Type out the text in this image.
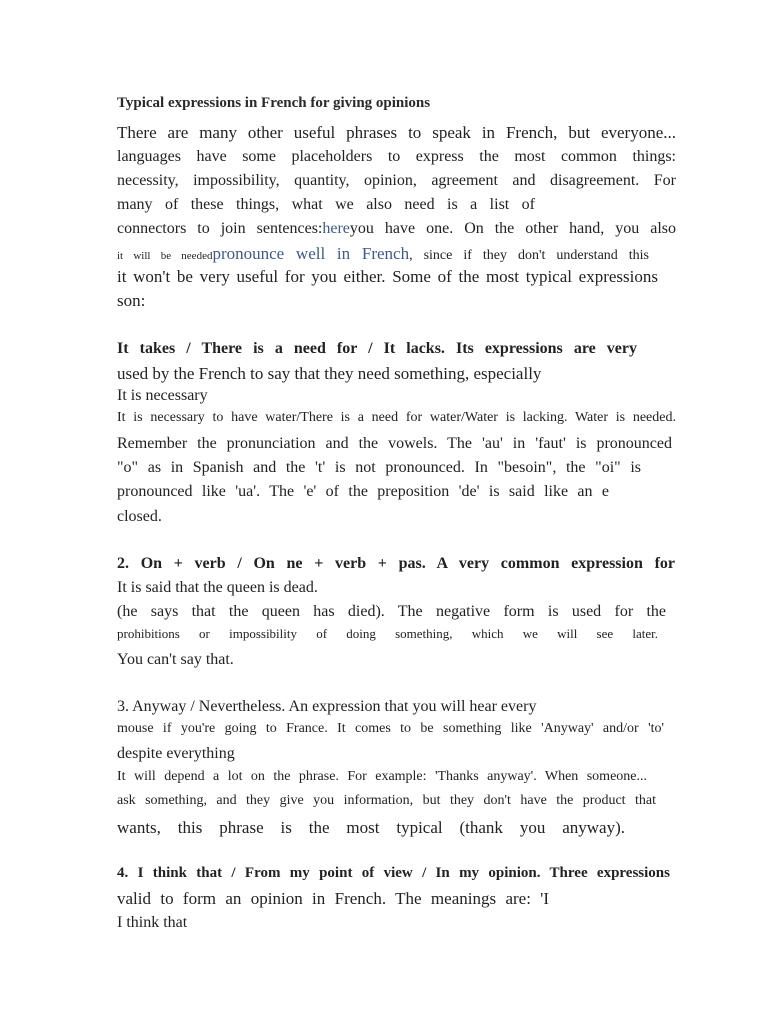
Typical expressions in French for giving opinions
There are many other useful phrases to speak in French, but everyone...
languages have some placeholders to express the most common things:
necessity, impossibility, quantity, opinion, agreement and disagreement. For
many of these things, what we also need is a list of
connectors to join sentences:hereyou have one. On the other hand, you also
it will be neededpronounce well in French, since if they don't understand this
it won't be very useful for you either. Some of the most typical expressions
son:
It takes / There is a need for / It lacks. Its expressions are very
used by the French to say that they need something, especially
It is necessary
It is necessary to have water/There is a need for water/Water is lacking. Water is needed.
Remember the pronunciation and the vowels. The 'au' in 'faut' is pronounced
"o" as in Spanish and the 't' is not pronounced. In "besoin", the "oi" is
pronounced like 'ua'. The 'e' of the preposition 'de' is said like an e
closed.
2. On + verb / On ne + verb + pas. A very common expression for
It is said that the queen is dead.
(he says that the queen has died). The negative form is used for the
prohibitions or impossibility of doing something, which we will see later.
You can't say that.
3. Anyway / Nevertheless. An expression that you will hear every
mouse if you're going to France. It comes to be something like 'Anyway' and/or 'to'
despite everything
It will depend a lot on the phrase. For example: 'Thanks anyway'. When someone...
ask something, and they give you information, but they don't have the product that
wants, this phrase is the most typical (thank you anyway).
4. I think that / From my point of view / In my opinion. Three expressions
valid to form an opinion in French. The meanings are: 'I
I think that
